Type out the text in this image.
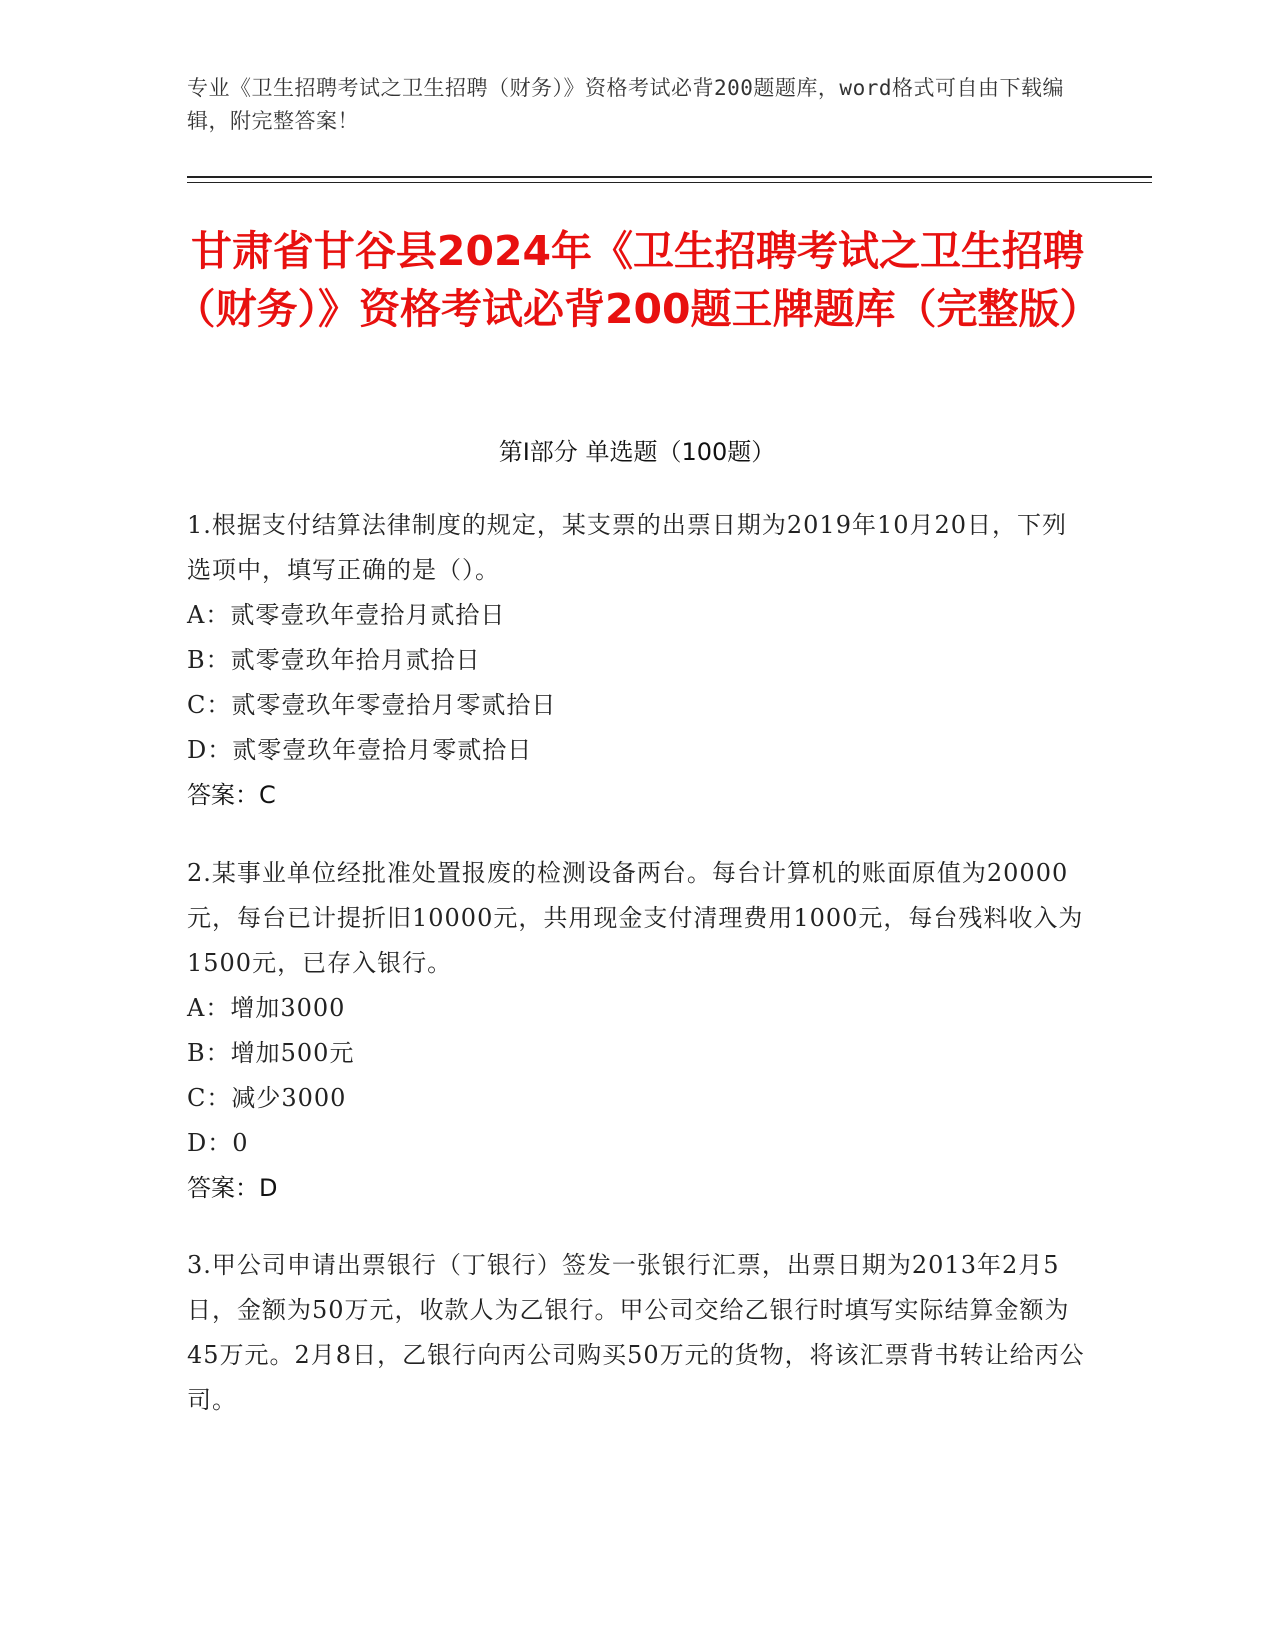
专业《卫生招聘考试之卫生招聘（财务）》资格考试必背200题题库，word格式可自由下载编辑，附完整答案！
甘肃省甘谷县2024年《卫生招聘考试之卫生招聘（财务）》资格考试必背200题王牌题库（完整版）
第Ⅰ部分 单选题（100题）
1.根据支付结算法律制度的规定，某支票的出票日期为2019年10月20日，下列选项中，填写正确的是（）。
A：贰零壹玖年壹拾月贰拾日
B：贰零壹玖年拾月贰拾日
C：贰零壹玖年零壹拾月零贰拾日
D：贰零壹玖年壹拾月零贰拾日
答案：C
2.某事业单位经批准处置报废的检测设备两台。每台计算机的账面原值为20000元，每台已计提折旧10000元，共用现金支付清理费用1000元，每台残料收入为1500元，已存入银行。
A：增加3000
B：增加500元
C：减少3000
D：0
答案：D
3.甲公司申请出票银行（丁银行）签发一张银行汇票，出票日期为2013年2月5日，金额为50万元，收款人为乙银行。甲公司交给乙银行时填写实际结算金额为45万元。2月8日，乙银行向丙公司购买50万元的货物，将该汇票背书转让给丙公司。
